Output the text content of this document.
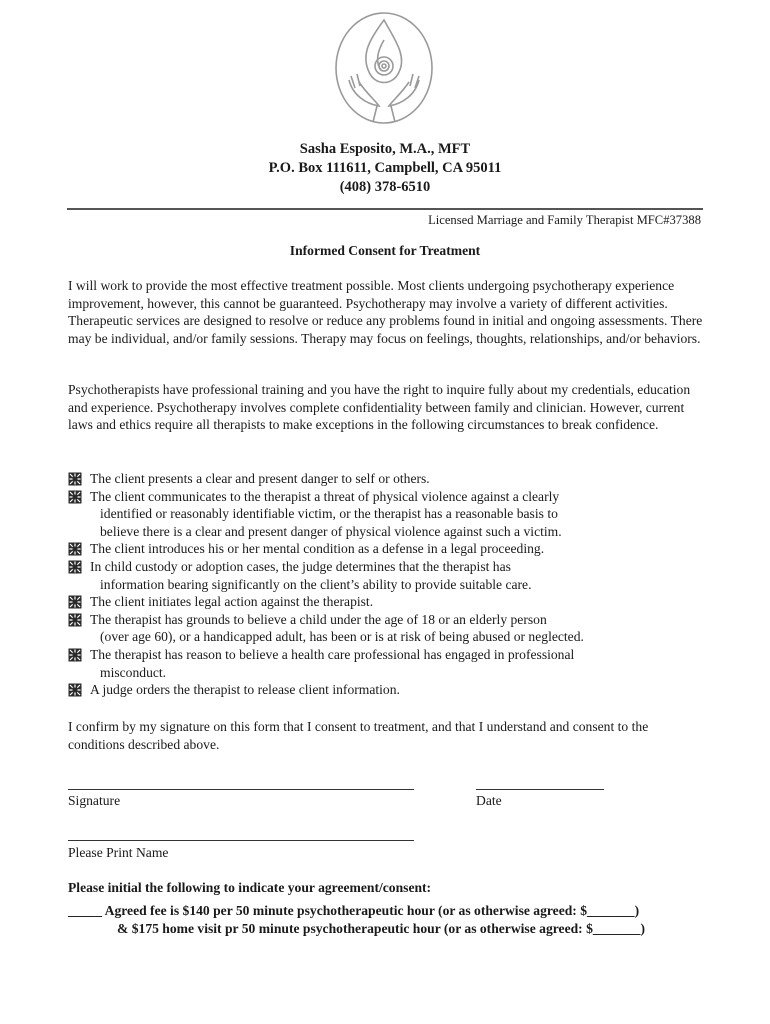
Sasha Esposito, M.A., MFT
P.O. Box 111611, Campbell, CA 95011
(408) 378-6510
Licensed Marriage and Family Therapist MFC#37388
Informed Consent for Treatment

I will work to provide the most effective treatment possible. Most clients undergoing psychotherapy experience improvement, however, this cannot be guaranteed. Psychotherapy may involve a variety of different activities. Therapeutic services are designed to resolve or reduce any problems found in initial and ongoing assessments. There may be individual, and/or family sessions. Therapy may focus on feelings, thoughts, relationships, and/or behaviors.

Psychotherapists have professional training and you have the right to inquire fully about my credentials, education and experience. Psychotherapy involves complete confidentiality between family and clinician. However, current laws and ethics require all therapists to make exceptions in the following circumstances to break confidence.

The client presents a clear and present danger to self or others.
The client communicates to the therapist a threat of physical violence against a clearly
identified or reasonably identifiable victim, or the therapist has a reasonable basis to
believe there is a clear and present danger of physical violence against such a victim.
The client introduces his or her mental condition as a defense in a legal proceeding.
In child custody or adoption cases, the judge determines that the therapist has
information bearing significantly on the client’s ability to provide suitable care.
The client initiates legal action against the therapist.
The therapist has grounds to believe a child under the age of 18 or an elderly person
(over age 60), or a handicapped adult, has been or is at risk of being abused or neglected.
The therapist has reason to believe a health care professional has engaged in professional
misconduct.
A judge orders the therapist to release client information.

I confirm by my signature on this form that I consent to treatment, and that I understand and consent to the conditions described above.

Signature	Date
Please Print Name
Please initial the following to indicate your agreement/consent:
_____ Agreed fee is $140 per 50 minute psychotherapeutic hour (or as otherwise agreed: $_______)
& $175 home visit pr 50 minute psychotherapeutic hour (or as otherwise agreed: $_______)
